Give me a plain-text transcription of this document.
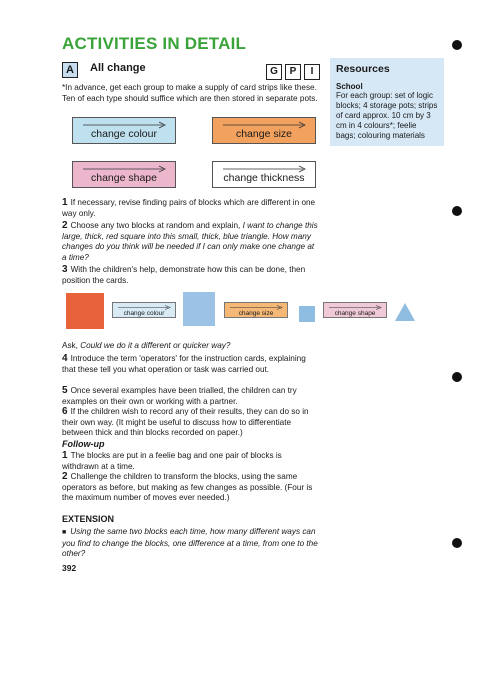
ACTIVITIES IN DETAIL
A All change	G P I

*In advance, get each group to make a supply of card strips like these. Ten of each type should suffice which are then stored in separate pots.

Resources
School
For each group: set of logic blocks; 4 storage pots; strips of card approx. 10 cm by 3 cm in 4 colours*; feelie bags; colouring materials
change colour	change size
change shape	change thickness

1 If necessary, revise finding pairs of blocks which are different in one way only.

2 Choose any two blocks at random and explain, I want to change this large, thick, red square into this small, thick, blue triangle. How many changes do you think will be needed if I can only make one change at a time?

3 With the children's help, demonstrate how this can be done, then position the cards.

change colour	change size	change shape

Ask, Could we do it a different or quicker way?

4 Introduce the term 'operators' for the instruction cards, explaining that these tell you what operation or task was carried out.

5 Once several examples have been trialled, the children can try examples on their own or working with a partner.

6 If the children wish to record any of their results, they can do so in their own way. (It might be useful to discuss how to differentiate between thick and thin blocks recorded on paper.)

Follow-up

1 The blocks are put in a feelie bag and one pair of blocks is withdrawn at a time.

2 Challenge the children to transform the blocks, using the same operators as before, but making as few changes as possible. (Four is the maximum number of moves ever needed.)

EXTENSION

■ Using the same two blocks each time, how many different ways can you find to change the blocks, one difference at a time, from one to the other?

392
